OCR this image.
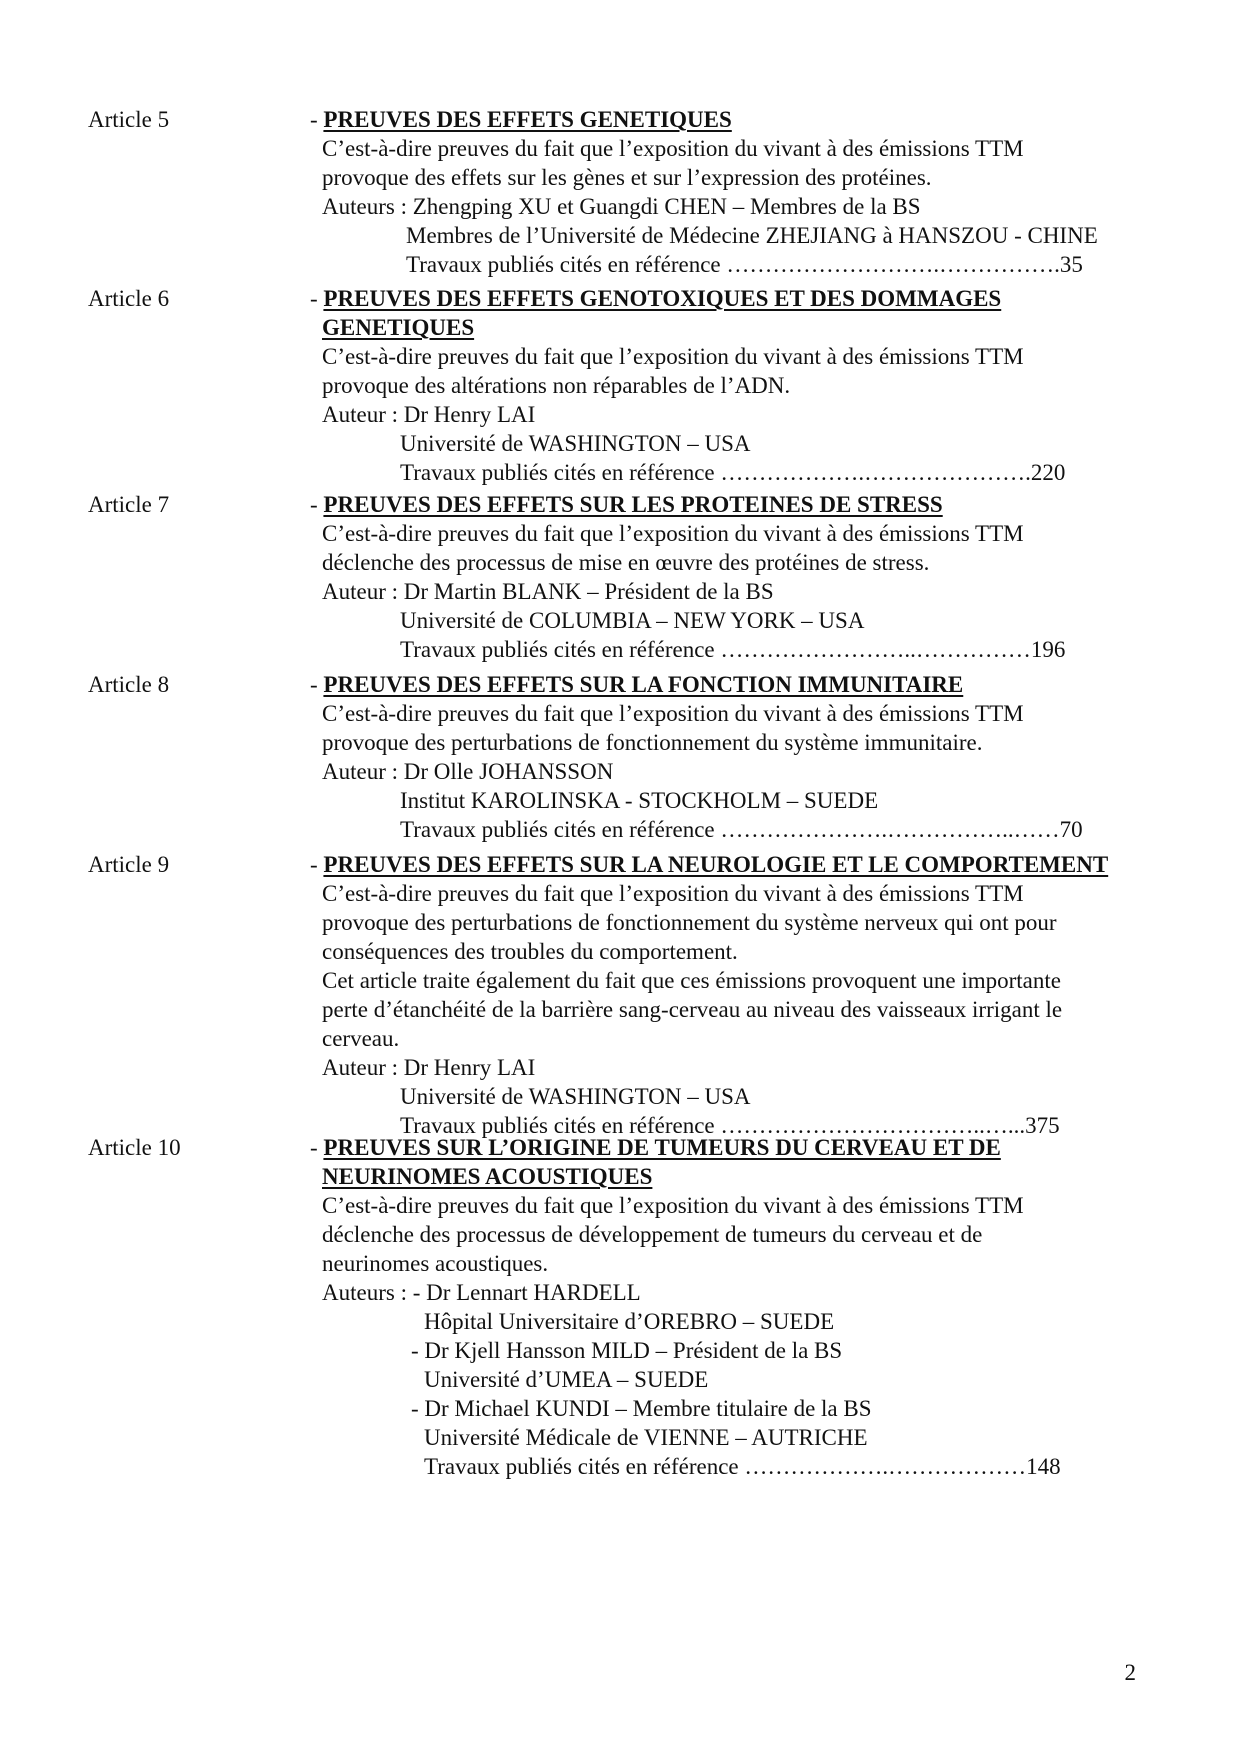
Article 5	- PREUVES DES EFFETS GENETIQUES
C’est-à-dire preuves du fait que l’exposition du vivant à des émissions TTM
provoque des effets sur les gènes et sur l’expression des protéines.
Auteurs : Zhengping XU et Guangdi CHEN – Membres de la BS
Membres de l’Université de Médecine ZHEJIANG à HANSZOU - CHINE
Travaux publiés cités en référence ……………………….…………….35
Article 6	- PREUVES DES EFFETS GENOTOXIQUES ET DES DOMMAGES
GENETIQUES
C’est-à-dire preuves du fait que l’exposition du vivant à des émissions TTM
provoque des altérations non réparables de l’ADN.
Auteur : Dr Henry LAI
Université de WASHINGTON – USA
Travaux publiés cités en référence ……………….………………….220
Article 7	- PREUVES DES EFFETS SUR LES PROTEINES DE STRESS
C’est-à-dire preuves du fait que l’exposition du vivant à des émissions TTM
déclenche des processus de mise en œuvre des protéines de stress.
Auteur : Dr Martin BLANK – Président de la BS
Université de COLUMBIA – NEW YORK – USA
Travaux publiés cités en référence ……………………..……………196
Article 8	- PREUVES DES EFFETS SUR LA FONCTION IMMUNITAIRE
C’est-à-dire preuves du fait que l’exposition du vivant à des émissions TTM
provoque des perturbations de fonctionnement du système immunitaire.
Auteur : Dr Olle JOHANSSON
Institut KAROLINSKA - STOCKHOLM – SUEDE
Travaux publiés cités en référence ………………….……………..……70
Article 9	- PREUVES DES EFFETS SUR LA NEUROLOGIE ET LE COMPORTEMENT
C’est-à-dire preuves du fait que l’exposition du vivant à des émissions TTM
provoque des perturbations de fonctionnement du système nerveux qui ont pour
conséquences des troubles du comportement.
Cet article traite également du fait que ces émissions provoquent une importante
perte d’étanchéité de la barrière sang-cerveau au niveau des vaisseaux irrigant le
cerveau.
Auteur : Dr Henry LAI
Université de WASHINGTON – USA
Travaux publiés cités en référence ……………………………..…...375
Article 10	- PREUVES SUR L’ORIGINE DE TUMEURS DU CERVEAU ET DE
NEURINOMES ACOUSTIQUES
C’est-à-dire preuves du fait que l’exposition du vivant à des émissions TTM
déclenche des processus de développement de tumeurs du cerveau et de
neurinomes acoustiques.
Auteurs : - Dr Lennart HARDELL
Hôpital Universitaire d’OREBRO – SUEDE
- Dr Kjell Hansson MILD – Président de la BS
Université d’UMEA – SUEDE
- Dr Michael KUNDI – Membre titulaire de la BS
Université Médicale de VIENNE – AUTRICHE
Travaux publiés cités en référence ……………….………………148
2
